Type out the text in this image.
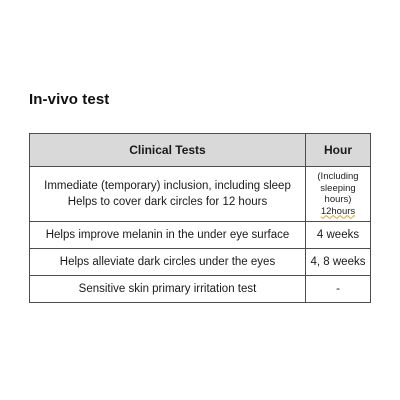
In-vivo test
Clinical Tests	Hour

Immediate (temporary) inclusion, including sleep
Helps to cover dark circles for 12 hours	(Including
sleeping
hours)
12hours

Helps improve melanin in the under eye surface	4 weeks

Helps alleviate dark circles under the eyes	4, 8 weeks

Sensitive skin primary irritation test	-
